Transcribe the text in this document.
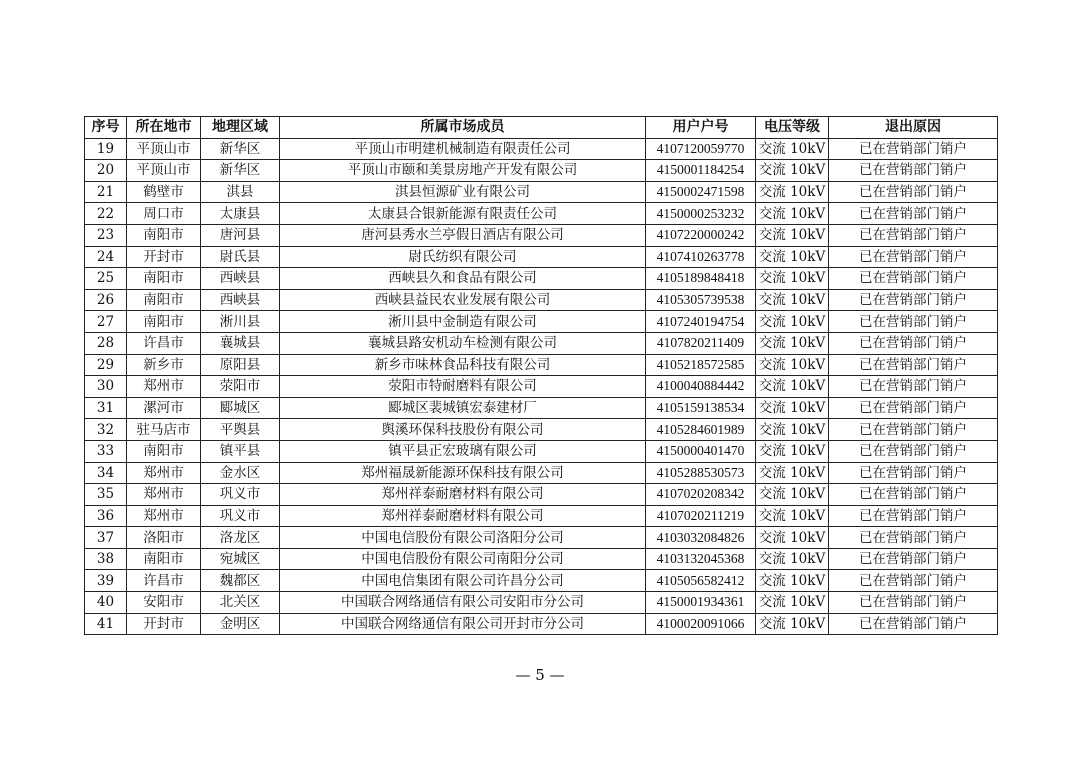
序号	所在地市	地理区域	所属市场成员	用户户号	电压等级	退出原因
19	平顶山市	新华区	平顶山市明建机械制造有限责任公司	4107120059770	交流 10kV	已在营销部门销户
20	平顶山市	新华区	平顶山市颐和美景房地产开发有限公司	4150001184254	交流 10kV	已在营销部门销户
21	鹤壁市	淇县	淇县恒源矿业有限公司	4150002471598	交流 10kV	已在营销部门销户
22	周口市	太康县	太康县合银新能源有限责任公司	4150000253232	交流 10kV	已在营销部门销户
23	南阳市	唐河县	唐河县秀水兰亭假日酒店有限公司	4107220000242	交流 10kV	已在营销部门销户
24	开封市	尉氏县	尉氏纺织有限公司	4107410263778	交流 10kV	已在营销部门销户
25	南阳市	西峡县	西峡县久和食品有限公司	4105189848418	交流 10kV	已在营销部门销户
26	南阳市	西峡县	西峡县益民农业发展有限公司	4105305739538	交流 10kV	已在营销部门销户
27	南阳市	淅川县	淅川县中金制造有限公司	4107240194754	交流 10kV	已在营销部门销户
28	许昌市	襄城县	襄城县路安机动车检测有限公司	4107820211409	交流 10kV	已在营销部门销户
29	新乡市	原阳县	新乡市味林食品科技有限公司	4105218572585	交流 10kV	已在营销部门销户
30	郑州市	荥阳市	荥阳市特耐磨料有限公司	4100040884442	交流 10kV	已在营销部门销户
31	漯河市	郾城区	郾城区裴城镇宏泰建材厂	4105159138534	交流 10kV	已在营销部门销户
32	驻马店市	平舆县	舆溪环保科技股份有限公司	4105284601989	交流 10kV	已在营销部门销户
33	南阳市	镇平县	镇平县正宏玻璃有限公司	4150000401470	交流 10kV	已在营销部门销户
34	郑州市	金水区	郑州福晟新能源环保科技有限公司	4105288530573	交流 10kV	已在营销部门销户
35	郑州市	巩义市	郑州祥泰耐磨材料有限公司	4107020208342	交流 10kV	已在营销部门销户
36	郑州市	巩义市	郑州祥泰耐磨材料有限公司	4107020211219	交流 10kV	已在营销部门销户
37	洛阳市	洛龙区	中国电信股份有限公司洛阳分公司	4103032084826	交流 10kV	已在营销部门销户
38	南阳市	宛城区	中国电信股份有限公司南阳分公司	4103132045368	交流 10kV	已在营销部门销户
39	许昌市	魏都区	中国电信集团有限公司许昌分公司	4105056582412	交流 10kV	已在营销部门销户
40	安阳市	北关区	中国联合网络通信有限公司安阳市分公司	4150001934361	交流 10kV	已在营销部门销户
41	开封市	金明区	中国联合网络通信有限公司开封市分公司	4100020091066	交流 10kV	已在营销部门销户
— 5 —
